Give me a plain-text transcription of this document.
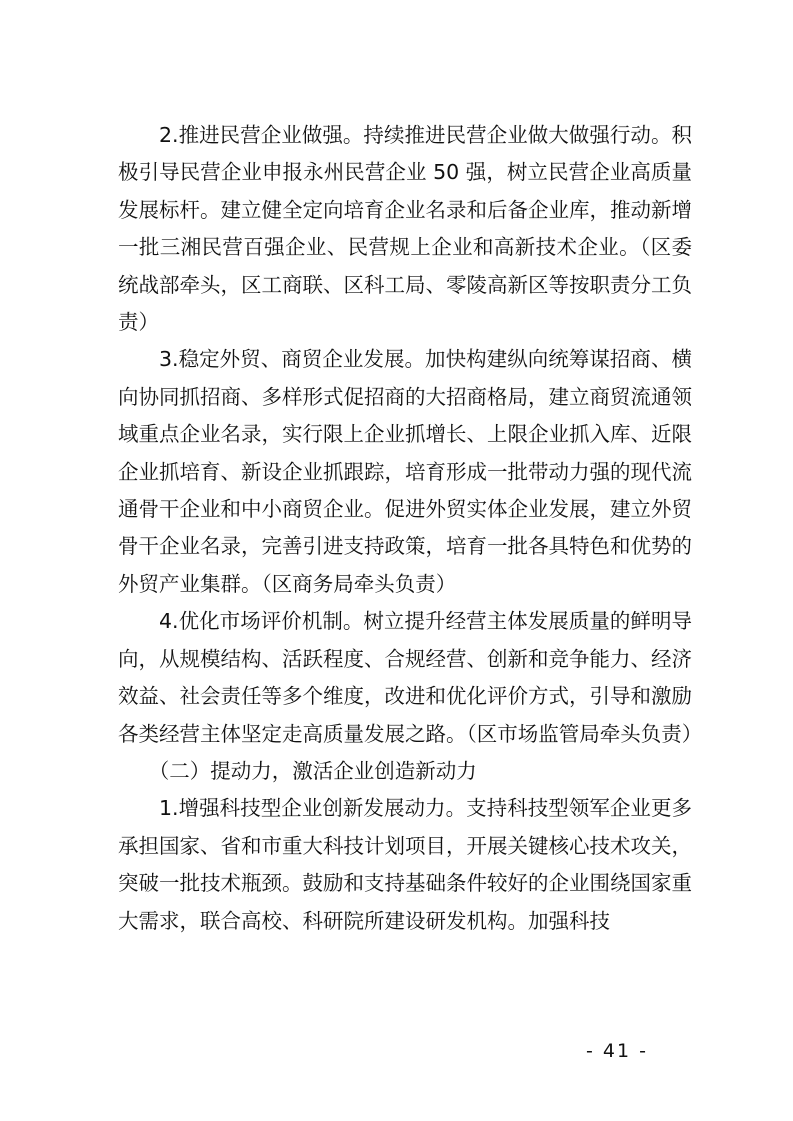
2.推进民营企业做强。持续推进民营企业做大做强行动。积极引导民营企业申报永州民营企业 50 强，树立民营企业高质量发展标杆。建立健全定向培育企业名录和后备企业库，推动新增一批三湘民营百强企业、民营规上企业和高新技术企业。（区委统战部牵头，区工商联、区科工局、零陵高新区等按职责分工负责）

3.稳定外贸、商贸企业发展。加快构建纵向统筹谋招商、横向协同抓招商、多样形式促招商的大招商格局，建立商贸流通领域重点企业名录，实行限上企业抓增长、上限企业抓入库、近限企业抓培育、新设企业抓跟踪，培育形成一批带动力强的现代流通骨干企业和中小商贸企业。促进外贸实体企业发展，建立外贸骨干企业名录，完善引进支持政策，培育一批各具特色和优势的外贸产业集群。（区商务局牵头负责）

4.优化市场评价机制。树立提升经营主体发展质量的鲜明导向，从规模结构、活跃程度、合规经营、创新和竞争能力、经济效益、社会责任等多个维度，改进和优化评价方式，引导和激励各类经营主体坚定走高质量发展之路。（区市场监管局牵头负责）

（二）提动力，激活企业创造新动力

1.增强科技型企业创新发展动力。支持科技型领军企业更多承担国家、省和市重大科技计划项目，开展关键核心技术攻关，突破一批技术瓶颈。鼓励和支持基础条件较好的企业围绕国家重大需求，联合高校、科研院所建设研发机构。加强科技

- 41 -
